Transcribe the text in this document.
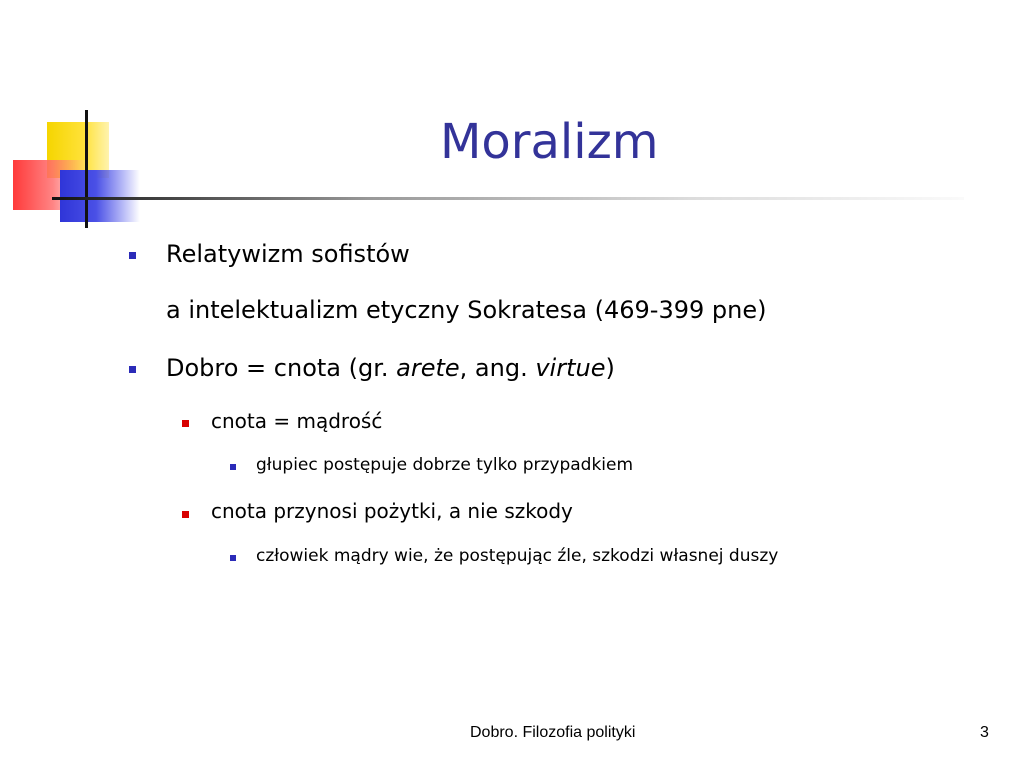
Moralizm
Relatywizm sofistów
a intelektualizm etyczny Sokratesa (469-399 pne)
Dobro = cnota (gr. arete, ang. virtue)
cnota = mądrość
głupiec postępuje dobrze tylko przypadkiem
cnota przynosi pożytki, a nie szkody
człowiek mądry wie, że postępując źle, szkodzi własnej duszy
Dobro. Filozofia polityki	3
